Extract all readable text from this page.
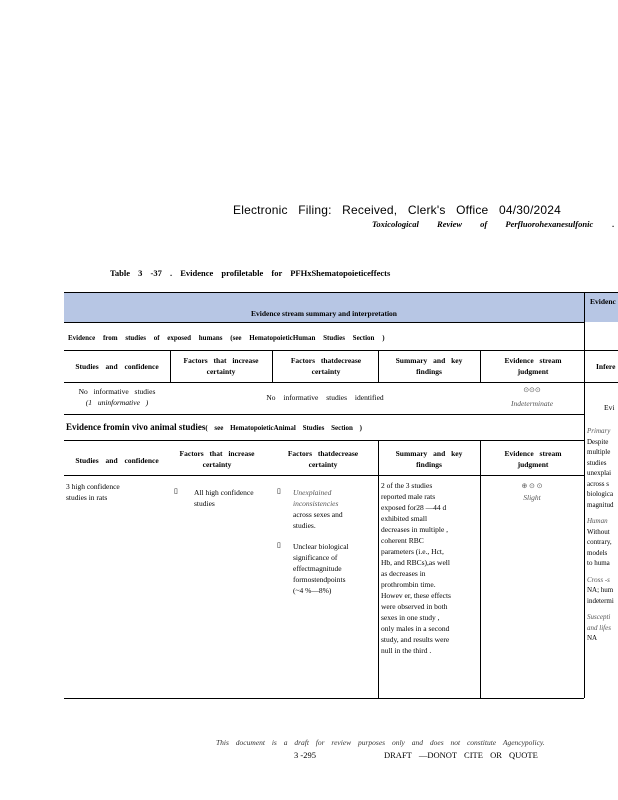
Electronic Filing: Received, Clerk's Office 04/30/2024
Toxicological Review of Perfluorohexanesulfonic .
Table 3 -37 . Evidence profiletable for PFHxShematopoieticeffects
Evidence stream summary and interpretation
Evidenc
Evidence from studies of exposed humans (see HematopoieticHuman Studies Section )
Studies and confidence
Factors that increase certainty
Factors thatdecrease certainty
Summary and key findings
Evidence stream judgment
Infere
No informative studies
(1 uninformative )
No informative studies identified
⊙⊙⊙
Indeterminate	Evi
Evidence fromin vivo animal studies( see HematopoieticAnimal Studies Section )
Studies and confidence
Factors that increase certainty
Factors thatdecrease certainty
Summary and key findings
Evidence stream judgment
3 high confidence
studies in rats
▯ All high confidence studies
▯ Unexplained
inconsistencies
across sexes and
studies.
▯ Unclear biological
significance of
effectmagnitude
formostendpoints
(~4 %—8%)
2 of the 3 studies
reported male rats
exposed for28 —44 d
exhibited small
decreases in multiple ,
coherent RBC
parameters (i.e., Hct,
Hb, and RBCs),as well
as decreases in
prothrombin time.
Howev er, these effects
were observed in both
sexes in one study ,
only males in a second
study, and results were
null in the third .
⊕ ⊙ ⊙
Slight
Primary
Despite
multiple
studies
unexplai
across s
biologica
magnitud
Human
Without
contrary,
models
to huma
Cross -s
NA; hum
indetermi
Suscepti
and lifes
NA
This document is a draft for review purposes only and does not constitute Agencypolicy.
3 -295	DRAFT —DONOT CITE OR QUOTE
